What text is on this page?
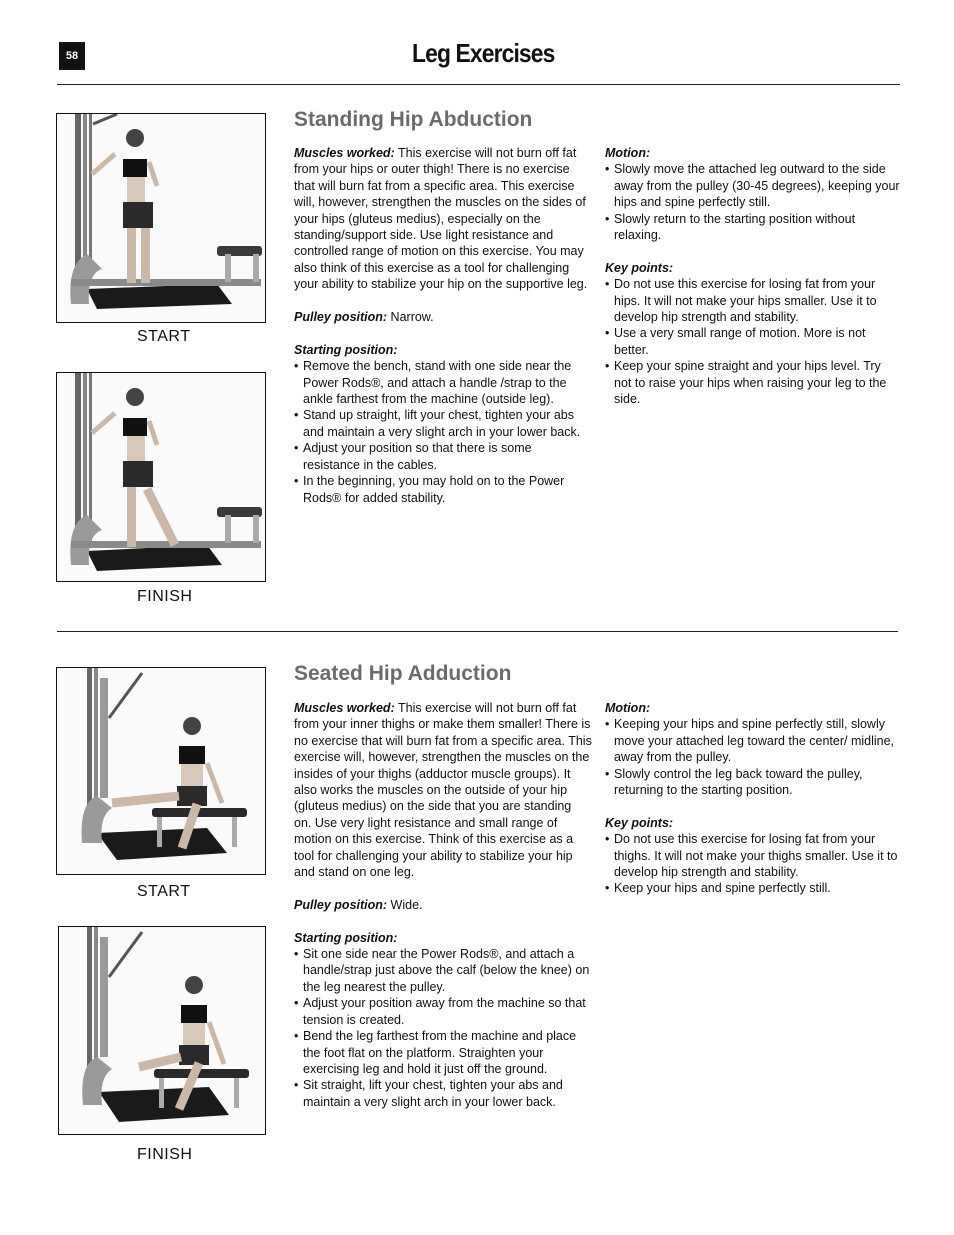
58	Leg Exercises
START
FINISH
Standing Hip Abduction

Muscles worked: This exercise will not burn off fat from your hips or outer thigh! There is no exercise that will burn fat from a specific area. This exercise will, however, strengthen the muscles on the sides of your hips (gluteus medius), especially on the standing/support side. Use light resistance and controlled range of motion on this exercise. You may also think of this exercise as a tool for challenging your ability to stabilize your hip on the supportive leg.

Pulley position: Narrow.

Starting position:
• Remove the bench, stand with one side near the Power Rods®, and attach a handle /strap to the ankle farthest from the machine (outside leg).
• Stand up straight, lift your chest, tighten your abs and maintain a very slight arch in your lower back.
• Adjust your position so that there is some resistance in the cables.
• In the beginning, you may hold on to the Power Rods® for added stability.
Motion:
• Slowly move the attached leg outward to the side away from the pulley (30-45 degrees), keeping your hips and spine perfectly still.
• Slowly return to the starting position without relaxing.
Key points:
• Do not use this exercise for losing fat from your hips. It will not make your hips smaller. Use it to develop hip strength and stability.
• Use a very small range of motion. More is not better.
• Keep your spine straight and your hips level. Try not to raise your hips when raising your leg to the side.
START
FINISH
Seated Hip Adduction

Muscles worked: This exercise will not burn off fat from your inner thighs or make them smaller! There is no exercise that will burn fat from a specific area. This exercise will, however, strengthen the muscles on the insides of your thighs (adductor muscle groups). It also works the muscles on the outside of your hip (gluteus medius) on the side that you are standing on. Use very light resistance and small range of motion on this exercise. Think of this exercise as a tool for challenging your ability to stabilize your hip and stand on one leg.

Pulley position: Wide.

Starting position:
• Sit one side near the Power Rods®, and attach a handle/strap just above the calf (below the knee) on the leg nearest the pulley.
• Adjust your position away from the machine so that tension is created.
• Bend the leg farthest from the machine and place the foot flat on the platform. Straighten your exercising leg and hold it just off the ground.
• Sit straight, lift your chest, tighten your abs and maintain a very slight arch in your lower back.
Motion:
• Keeping your hips and spine perfectly still, slowly move your attached leg toward the center/ midline, away from the pulley.
• Slowly control the leg back toward the pulley, returning to the starting position.
Key points:
• Do not use this exercise for losing fat from your thighs. It will not make your thighs smaller. Use it to develop hip strength and stability.
• Keep your hips and spine perfectly still.
